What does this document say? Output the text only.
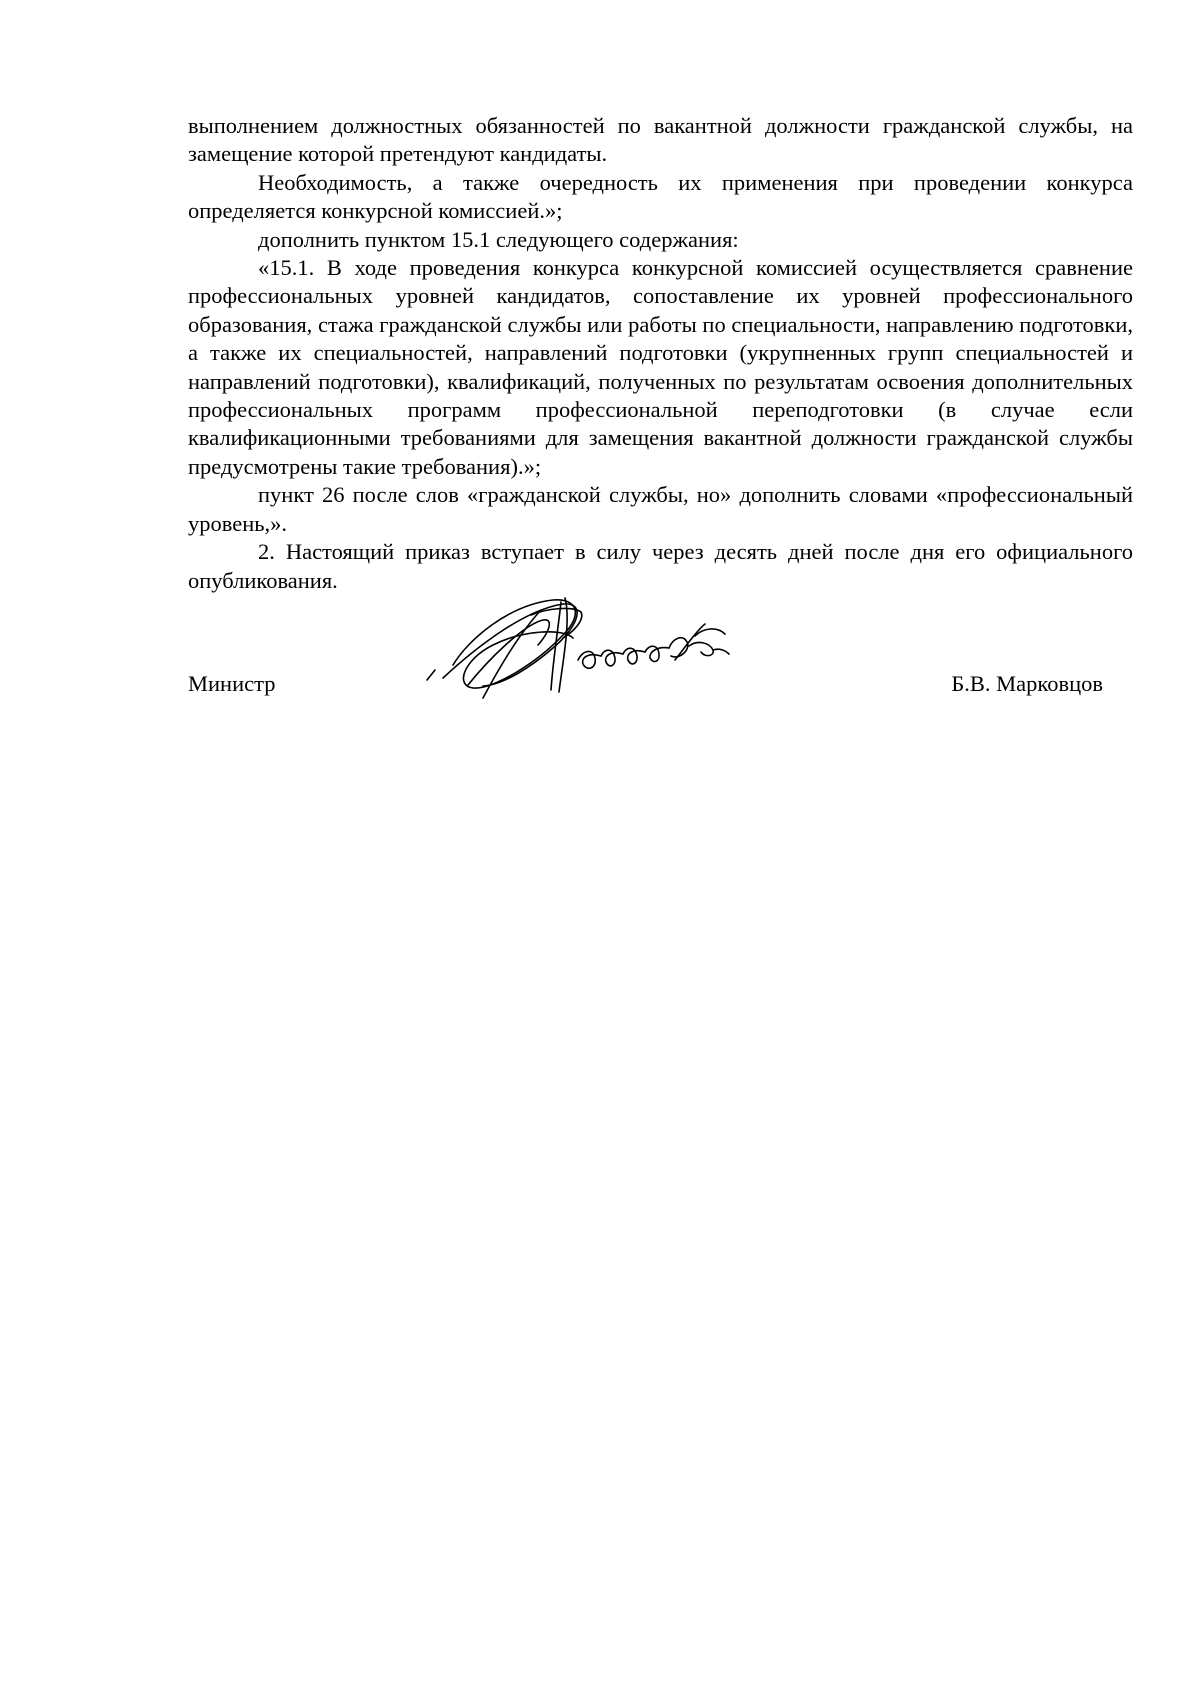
выполнением должностных обязанностей по вакантной должности гражданской службы, на замещение которой претендуют кандидаты.

Необходимость, а также очередность их применения при проведении конкурса определяется конкурсной комиссией.»;

дополнить пунктом 15.1 следующего содержания:

«15.1. В ходе проведения конкурса конкурсной комиссией осуществляется сравнение профессиональных уровней кандидатов, сопоставление их уровней профессионального образования, стажа гражданской службы или работы по специальности, направлению подготовки, а также их специальностей, направлений подготовки (укрупненных групп специальностей и направлений подготовки), квалификаций, полученных по результатам освоения дополнительных профессиональных программ профессиональной переподготовки (в случае если квалификационными требованиями для замещения вакантной должности гражданской службы предусмотрены такие требования).»;

пункт 26 после слов «гражданской службы, но» дополнить словами «профессиональный уровень,».

2. Настоящий приказ вступает в силу через десять дней после дня его официального опубликования.

Министр	Б.В. Марковцов
